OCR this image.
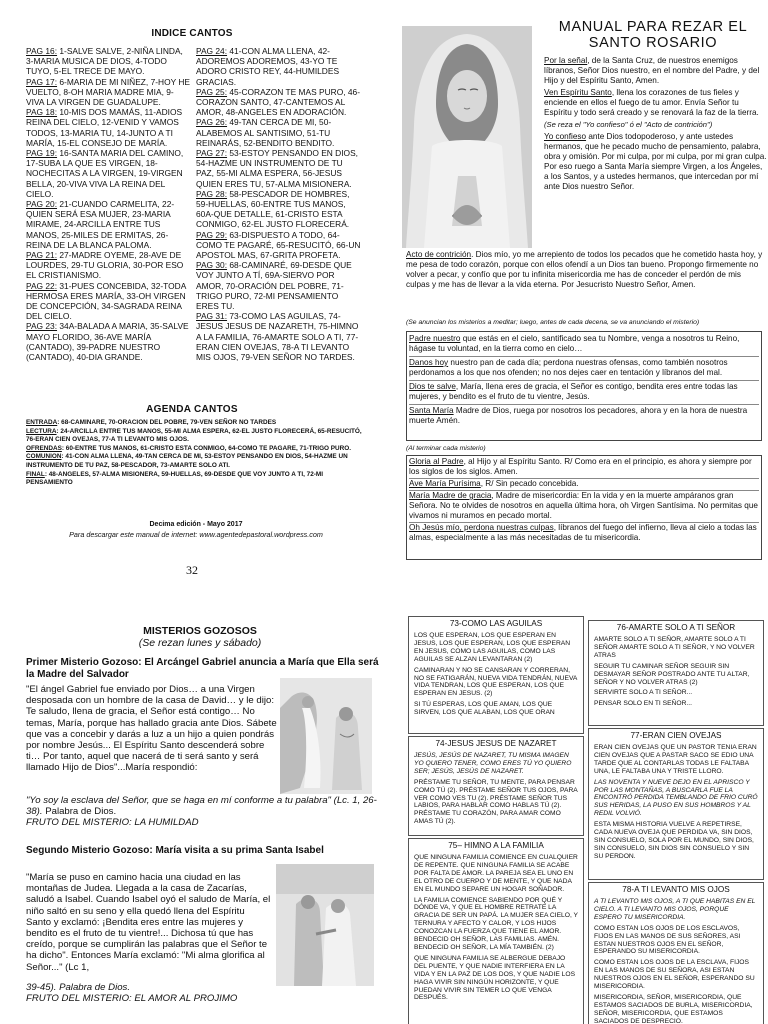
INDICE CANTOS

PAG 16: 1-SALVE SALVE, 2-NIÑA LINDA, 3-MARIA MUSICA DE DIOS, 4-TODO TUYO, 5-EL TRECE DE MAYO.

PAG 17: 6-MARIA DE MI NIÑEZ, 7-HOY HE VUELTO, 8-OH MARIA MADRE MIA, 9-VIVA LA VIRGEN DE GUADALUPE.

PAG 18: 10-MIS DOS MAMÁS, 11-ADIOS REINA DEL CIELO, 12-VENID Y VAMOS TODOS, 13-MARIA TU, 14-JUNTO A TI MARÍA, 15-EL CONSEJO DE MARÍA.

PAG 19: 16-SANTA MARIA DEL CAMINO, 17-SUBA LA QUE ES VIRGEN, 18-NOCHECITAS A LA VIRGEN, 19-VIRGEN BELLA, 20-VIVA VIVA LA REINA DEL CIELO.

PAG 20: 21-CUANDO CARMELITA, 22-QUIEN SERÁ ESA MUJER, 23-MARIA MIRAME, 24-ARCILLA ENTRE TUS MANOS, 25-MILES DE ERMITAS, 26-REINA DE LA BLANCA PALOMA.

PAG 21: 27-MADRE OYEME, 28-AVE DE LOURDES, 29-TU GLORIA, 30-POR ESO EL CRISTIANISMO.

PAG 22: 31-PUES CONCEBIDA, 32-TODA HERMOSA ERES MARÍA, 33-OH VIRGEN DE CONCEPCIÓN, 34-SAGRADA REINA DEL CIELO.

PAG 23: 34A-BALADA A MARIA, 35-SALVE MAYO FLORIDO, 36-AVE MARÍA (CANTADO), 39-PADRE NUESTRO (CANTADO), 40-DIA GRANDE.

PAG 24: 41-CON ALMA LLENA, 42-ADOREMOS ADOREMOS, 43-YO TE ADORO CRISTO REY, 44-HUMILDES GRACIAS.

PAG 25: 45-CORAZON TE MAS PURO, 46-CORAZON SANTO, 47-CANTEMOS AL AMOR, 48-ANGELES EN ADORACIÓN.

PAG 26: 49-TAN CERCA DE MI, 50-ALABEMOS AL SANTISIMO, 51-TU REINARÁS, 52-BENDITO BENDITO.

PAG 27: 53-ESTOY PENSANDO EN DIOS, 54-HAZME UN INSTRUMENTO DE TU PAZ, 55-MI ALMA ESPERA, 56-JESUS QUIEN ERES TU, 57-ALMA MISIONERA.

PAG 28: 58-PESCADOR DE HOMBRES, 59-HUELLAS, 60-ENTRE TUS MANOS, 60A-QUE DETALLE, 61-CRISTO ESTA CONMIGO, 62-EL JUSTO FLORECERÁ.

PAG 29: 63-DISPUESTO A TODO, 64-COMO TE PAGARÉ, 65-RESUCITÓ, 66-UN APOSTOL MAS, 67-GRITA PROFETA.

PAG 30: 68-CAMINARÉ, 69-DESDE QUE VOY JUNTO A TÍ, 69A-SIERVO POR AMOR, 70-ORACIÓN DEL POBRE, 71-TRIGO PURO, 72-MI PENSAMIENTO ERES TU.

PAG 31: 73-COMO LAS AGUILAS, 74-JESUS JESUS DE NAZARETH, 75-HIMNO A LA FAMILIA, 76-AMARTE SOLO A TI, 77-ERAN CIEN OVEJAS, 78-A TI LEVANTO MIS OJOS, 79-VEN SEÑOR NO TARDES.

AGENDA CANTOS

ENTRADA: 68-CAMINARE, 70-ORACION DEL POBRE, 79-VEN SEÑOR NO TARDES

LECTURA: 24-ARCILLA ENTRE TUS MANOS, 55-MI ALMA ESPERA, 62-EL JUSTO FLORECERÁ, 65-RESUCITÓ, 76-ERAN CIEN OVEJAS, 77-A TI LEVANTO MIS OJOS.

OFRENDAS: 60-ENTRE TUS MANOS, 61-CRISTO ESTA CONMIGO, 64-COMO TE PAGARE, 71-TRIGO PURO.

COMUNION: 41-CON ALMA LLENA, 49-TAN CERCA DE MI, 53-ESTOY PENSANDO EN DIOS, 54-HAZME UN INSTRUMENTO DE TU PAZ, 58-PESCADOR, 73-AMARTE SOLO ATI.

FINAL: 48-ANGELES, 57-ALMA MISIONERA, 59-HUELLAS, 69-DESDE QUE VOY JUNTO A TI, 72-MI PENSAMIENTO

Decima edición - Mayo 2017
Para descargar este manual de internet: www.agentedepastoral.wordpress.com
32
MANUAL PARA REZAR EL SANTO ROSARIO

Por la señal, de la Santa Cruz, de nuestros enemigos líbranos, Señor Dios nuestro, en el nombre del Padre, y del Hijo y del Espíritu Santo, Amen.

Ven Espíritu Santo, llena los corazones de tus fieles y enciende en ellos el fuego de tu amor. Envía Señor tu Espíritu y todo será creado y se renovará la faz de la tierra.

(Se reza el "Yo confieso" ó el "Acto de contrición")

Yo confieso ante Dios todopoderoso, y ante ustedes hermanos, que he pecado mucho de pensamiento, palabra, obra y omisión. Por mi culpa, por mi culpa, por mi gran culpa. Por eso ruego a Santa María siempre Virgen, a los Ángeles, a los Santos, y a ustedes hermanos, que intercedan por mí ante Dios nuestro Señor.

Acto de contrición. Dios mío, yo me arrepiento de todos los pecados que he cometido hasta hoy, y me pesa de todo corazón, porque con ellos ofendí a un Dios tan bueno. Propongo firmemente no volver a pecar, y confío que por tu infinita misericordia me has de conceder el perdón de mis culpas y me has de llevar a la vida eterna. Por Jesucristo Nuestro Señor, Amen.

(Se anuncian los misterios a meditar; luego, antes de cada decena, se va anunciando el misterio)

Padre nuestro que estás en el cielo, santificado sea tu Nombre, venga a nosotros tu Reino, hágase tu voluntad, en la tierra como en cielo…

Danos hoy nuestro pan de cada día; perdona nuestras ofensas, como también nosotros perdonamos a los que nos ofenden; no nos dejes caer en tentación y líbranos del mal.

Dios te salve, María, llena eres de gracia, el Señor es contigo, bendita eres entre todas las mujeres, y bendito es el fruto de tu vientre, Jesús.

Santa María Madre de Dios, ruega por nosotros los pecadores, ahora y en la hora de nuestra muerte Amén.

(Al terminar cada misterio)

Gloria al Padre, al Hijo y al Espíritu Santo. R/ Como era en el principio, es ahora y siempre por los siglos de los siglos. Amen.

Ave María Purísima, R/ Sin pecado concebida.

María Madre de gracia, Madre de misericordia: En la vida y en la muerte ampáranos gran Señora. No te olvides de nosotros en aquella última hora, oh Virgen Santísima. No permitas que vivamos ni muramos en pecado mortal.

Oh Jesús mío, perdona nuestras culpas, líbranos del fuego del infierno, lleva al cielo a todas las almas, especialmente a las más necesitadas de tu misericordia.

MISTERIOS GOZOSOS
(Se rezan lunes y sábado)
Primer Misterio Gozoso: El Arcángel Gabriel anuncia a María que Ella será la Madre del Salvador

"El ángel Gabriel fue enviado por Dios… a una Virgen desposada con un hombre de la casa de David… y le dijo: Te saludo, llena de gracia, el Señor está contigo… No temas, María, porque has hallado gracia ante Dios. Sábete que vas a concebir y darás a luz a un hijo a quien pondrás por nombre Jesús... El Espíritu Santo descenderá sobre ti… Por tanto, aquel que nacerá de ti será santo y será llamado Hijo de Dios"...María respondió:

"Yo soy la esclava del Señor, que se haga en mí conforme a tu palabra" (Lc. 1, 26-38). Palabra de Dios.
FRUTO DEL MISTERIO: LA HUMILDAD
Segundo Misterio Gozoso: María visita a su prima Santa Isabel

"María se puso en camino hacia una ciudad en las montañas de Judea. Llegada a la casa de Zacarías, saludó a Isabel. Cuando Isabel oyó el saludo de María, el niño saltó en su seno y ella quedó llena del Espíritu Santo y exclamó: ¡Bendita eres entre las mujeres y bendito es el fruto de tu vientre!... Dichosa tú que has creído, porque se cumplirán las palabras que el Señor te ha dicho". Entonces María exclamó: "Mi alma glorifica al Señor..." (Lc 1,

39-45). Palabra de Dios.
FRUTO DEL MISTERIO: EL AMOR AL PROJIMO
73-COMO LAS AGUILAS

LOS QUE ESPERAN, LOS QUE ESPERAN EN JESUS, LOS QUE ESPERAN, LOS QUE ESPERAN EN JESUS, COMO LAS AGUILAS, COMO LAS AGUILAS SE ALZAN LEVANTARAN (2)

CAMINARAN Y NO SE CANSARAN Y CORRERAN, NO SE FATIGARÁN, NUEVA VIDA TENDRÁN, NUEVA VIDA TENDRAN, LOS QUE ESPERAN, LOS QUE ESPERAN EN JESUS. (2)

SI TÚ ESPERAS, LOS QUE AMAN, LOS QUE SIRVEN, LOS QUE ALABAN, LOS QUE ORAN

74-JESUS JESUS DE NAZARET

JESÚS, JESÚS DE NAZARET, TU MISMA IMAGEN YO QUIERO TENER, COMO ERES TÚ YO QUIERO SER; JESÚS, JESÚS DE NAZARET.

PRÉSTAME TU SEÑOR, TU MENTE, PARA PENSAR COMO TÚ (2). PRÉSTAME SEÑOR TUS OJOS, PARA VER COMO VES TU (2). PRÉSTAME SEÑOR TUS LABIOS, PARA HABLAR COMO HABLAS TÚ (2). PRÉSTAME TU CORAZÓN, PARA AMAR COMO AMAS TÚ (2).

75– HIMNO A LA FAMILIA

QUE NINGUNA FAMILIA COMIENCE EN CUALQUIER DE REPENTE. QUE NINGUNA FAMILIA SE ACABE POR FALTA DE AMOR. LA PAREJA SEA EL UNO EN EL OTRO DE CUERPO Y DE MENTE, Y QUE NADA EN EL MUNDO SEPARE UN HOGAR SOÑADOR.

LA FAMILIA COMIENCE SABIENDO POR QUÉ Y DÓNDE VA, Y QUE EL HOMBRE RETRATE LA GRACIA DE SER UN PAPÁ. LA MUJER SEA CIELO, Y TERNURA Y AFECTO Y CALOR, Y LOS HIJOS CONOZCAN LA FUERZA QUE TIENE EL AMOR. BENDECID OH SEÑOR, LAS FAMILIAS. AMÉN. BENDECID OH SEÑOR, LA MÍA TAMBIÉN. (2)

QUE NINGUNA FAMILIA SE ALBERGUE DEBAJO DEL PUENTE, Y QUE NADIE INTERFIERA EN LA VIDA Y EN LA PAZ DE LOS DOS, Y QUE NADIE LOS HAGA VIVIR SIN NINGÚN HORIZONTE, Y QUE PUEDAN VIVIR SIN TEMER LO QUE VENGA DESPUÉS.

76-AMARTE SOLO A TI SEÑOR

AMARTE SOLO A TI SEÑOR, AMARTE SOLO A TI SEÑOR AMARTE SOLO A TI SEÑOR, Y NO VOLVER ATRAS

SEGUIR TU CAMINAR SEÑOR SEGUIR SIN DESMAYAR SEÑOR POSTRADO ANTE TU ALTAR, SEÑOR Y NO VOLVER ATRAS (2)

SERVIRTE SOLO A TI SEÑOR...

PENSAR SOLO EN TI SEÑOR...

77-ERAN CIEN OVEJAS

ERAN CIEN OVEJAS QUE UN PASTOR TENIA ERAN CIEN OVEJAS QUE A PASTAR SACO SE EDIO UNA TARDE QUE AL CONTARLAS TODAS LE FALTABA UNA, LE FALTABA UNA Y TRISTE LLORO.

LAS NOVENTA Y NUEVE DEJO EN EL APRISCO Y POR LAS MONTAÑAS, A BUSCARLA FUE LA ENCONTRÓ PERDIDA TEMBLANDO DE FRIO CURÓ SUS HERIDAS, LA PUSO EN SUS HOMBROS Y AL REDIL VOLVIÓ.

ESTA MISMA HISTORIA VUELVE A REPETIRSE, CADA NUEVA OVEJA QUE PERDIDA VA, SIN DIOS, SIN CONSUELO, SOLA POR EL MUNDO, SIN DIOS, SIN CONSUELO, SIN DIOS SIN CONSUELO Y SIN SU PERDON.

78-A TI LEVANTO MIS OJOS

A TI LEVANTO MIS OJOS, A TI QUE HABITAS EN EL CIELO. A TI LEVANTO MIS OJOS, PORQUE ESPERO TU MISERICORDIA.

COMO ESTAN LOS OJOS DE LOS ESCLAVOS, FIJOS EN LAS MANOS DE SUS SEÑORES, ASI ESTAN NUESTROS OJOS EN EL SEÑOR, ESPERANDO SU MISERICORDIA.

COMO ESTAN LOS OJOS DE LA ESCLAVA, FIJOS EN LAS MANOS DE SU SEÑORA, ASI ESTAN NUESTROS OJOS EN EL SEÑOR, ESPERANDO SU MISERICORDIA.

MISERICORDIA, SEÑOR, MISERICORDIA, QUE ESTAMOS SACIADOS DE BURLA, MISERICORDIA, SEÑOR, MISERICORDIA, QUE ESTAMOS SACIADOS DE DESPRECIO.
